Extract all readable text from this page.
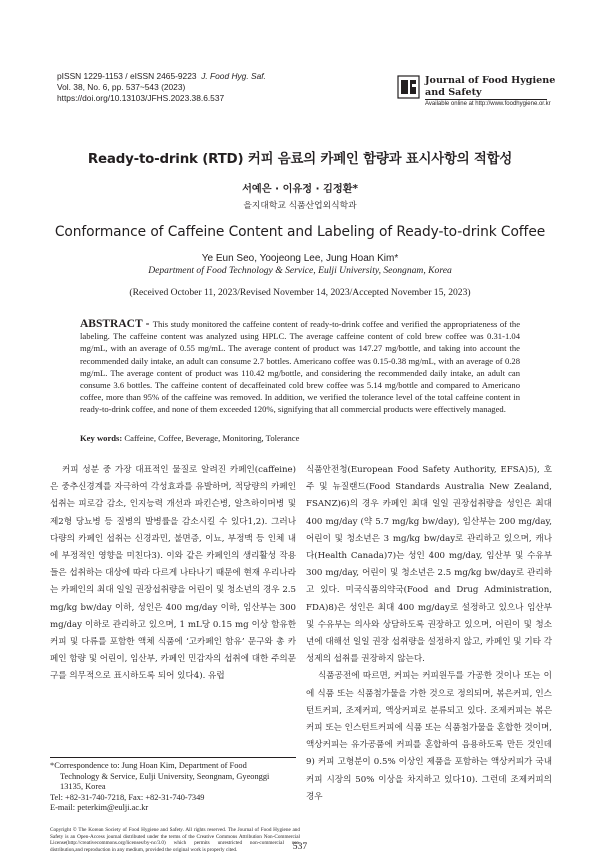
pISSN 1229-1153 / eISSN 2465-9223 J. Food Hyg. Saf.
Vol. 38, No. 6, pp. 537~543 (2023)
https://doi.org/10.13103/JFHS.2023.38.6.537
Journal of Food Hygiene
and Safety
Available online at http://www.foodhygiene.or.kr
Ready-to-drink (RTD) 커피 음료의 카페인 함량과 표시사항의 적합성
서예은 · 이유정 · 김정환*
을지대학교 식품산업외식학과
Conformance of Caffeine Content and Labeling of Ready-to-drink Coffee
Ye Eun Seo, Yoojeong Lee, Jung Hoan Kim*
Department of Food Technology & Service, Eulji University, Seongnam, Korea
(Received October 11, 2023/Revised November 14, 2023/Accepted November 15, 2023)
ABSTRACT - This study monitored the caffeine content of ready-to-drink coffee and verified the appropriateness of the labeling. The caffeine content was analyzed using HPLC. The average caffeine content of cold brew coffee was 0.31-1.04 mg/mL, with an average of 0.55 mg/mL. The average content of product was 147.27 mg/bottle, and taking into account the recommended daily intake, an adult can consume 2.7 bottles. Americano coffee was 0.15-0.38 mg/mL, with an average of 0.28 mg/mL. The average content of product was 110.42 mg/bottle, and considering the recommended daily intake, an adult can consume 3.6 bottles. The caffeine content of decaffeinated cold brew coffee was 5.14 mg/bottle and compared to Americano coffee, more than 95% of the caffeine was removed. In addition, we verified the tolerance level of the total caffeine content in ready-to-drink coffee, and none of them exceeded 120%, signifying that all commercial products were effectively managed.
Key words: Caffeine, Coffee, Beverage, Monitoring, Tolerance

커피 성분 중 가장 대표적인 물질로 알려진 카페인(caffeine)은 중추신경계를 자극하여 각성효과를 유발하며, 적당량의 카페인 섭취는 피로감 감소, 인지능력 개선과 파킨슨병, 알츠하이머병 및 제2형 당뇨병 등 질병의 발병률을 감소시킬 수 있다1,2). 그러나 다량의 카페인 섭취는 신경과민, 불면증, 이뇨, 부정맥 등 인체 내에 부정적인 영향을 미친다3). 이와 같은 카페인의 생리활성 작용들은 섭취하는 대상에 따라 다르게 나타나기 때문에 현재 우리나라는 카페인의 최대 일일 권장섭취량을 어린이 및 청소년의 경우 2.5 mg/kg bw/day 이하, 성인은 400 mg/day 이하, 임산부는 300 mg/day 이하로 관리하고 있으며, 1 mL당 0.15 mg 이상 함유한 커피 및 다류를 포함한 액체 식품에 ‘고카페인 함유’ 문구와 총 카페인 함량 및 어린이, 임산부, 카페인 민감자의 섭취에 대한 주의문구를 의무적으로 표시하도록 되어 있다4). 유럽

식품안전청(European Food Safety Authority, EFSA)5), 호주 및 뉴질랜드(Food Standards Australia New Zealand, FSANZ)6)의 경우 카페인 최대 일일 권장섭취량을 성인은 최대 400 mg/day (약 5.7 mg/kg bw/day), 임산부는 200 mg/day, 어린이 및 청소년은 3 mg/kg bw/day로 관리하고 있으며, 캐나다(Health Canada)7)는 성인 400 mg/day, 임산부 및 수유부 300 mg/day, 어린이 및 청소년은 2.5 mg/kg bw/day로 관리하고 있다. 미국식품의약국(Food and Drug Administration, FDA)8)은 성인은 최대 400 mg/day로 설정하고 있으나 임산부 및 수유부는 의사와 상담하도록 권장하고 있으며, 어린이 및 청소년에 대해선 일일 권장 섭취량을 설정하지 않고, 카페인 및 기타 각성제의 섭취를 권장하지 않는다.

식품공전에 따르면, 커피는 커피원두를 가공한 것이나 또는 이에 식품 또는 식품첨가물을 가한 것으로 정의되며, 볶은커피, 인스턴트커피, 조제커피, 액상커피로 분류되고 있다. 조제커피는 볶은커피 또는 인스턴트커피에 식품 또는 식품첨가물을 혼합한 것이며, 액상커피는 유가공품에 커피를 혼합하여 음용하도록 만든 것인데9) 커피 고형분이 0.5% 이상인 제품을 포함하는 액상커피가 국내 커피 시장의 50% 이상을 차지하고 있다10). 그런데 조제커피의 경우

*Correspondence to: Jung Hoan Kim, Department of Food
Technology & Service, Eulji University, Seongnam, Gyeonggi
13135, Korea
Tel: +82-31-740-7218, Fax: +82-31-740-7349
E-mail: peterkim@eulji.ac.kr
Copyright © The Korean Society of Food Hygiene and Safety. All rights reserved. The Journal of Food Hygiene and Safety is an Open-Access journal distributed under the terms of the Creative Commons Attribution Non-Commercial License(http://creativecommons.org/licenses/by-nc/3.0) which permits unrestricted non-commercial use, distribution,and reproduction in any medium, provided the original work is properly cited.	537
